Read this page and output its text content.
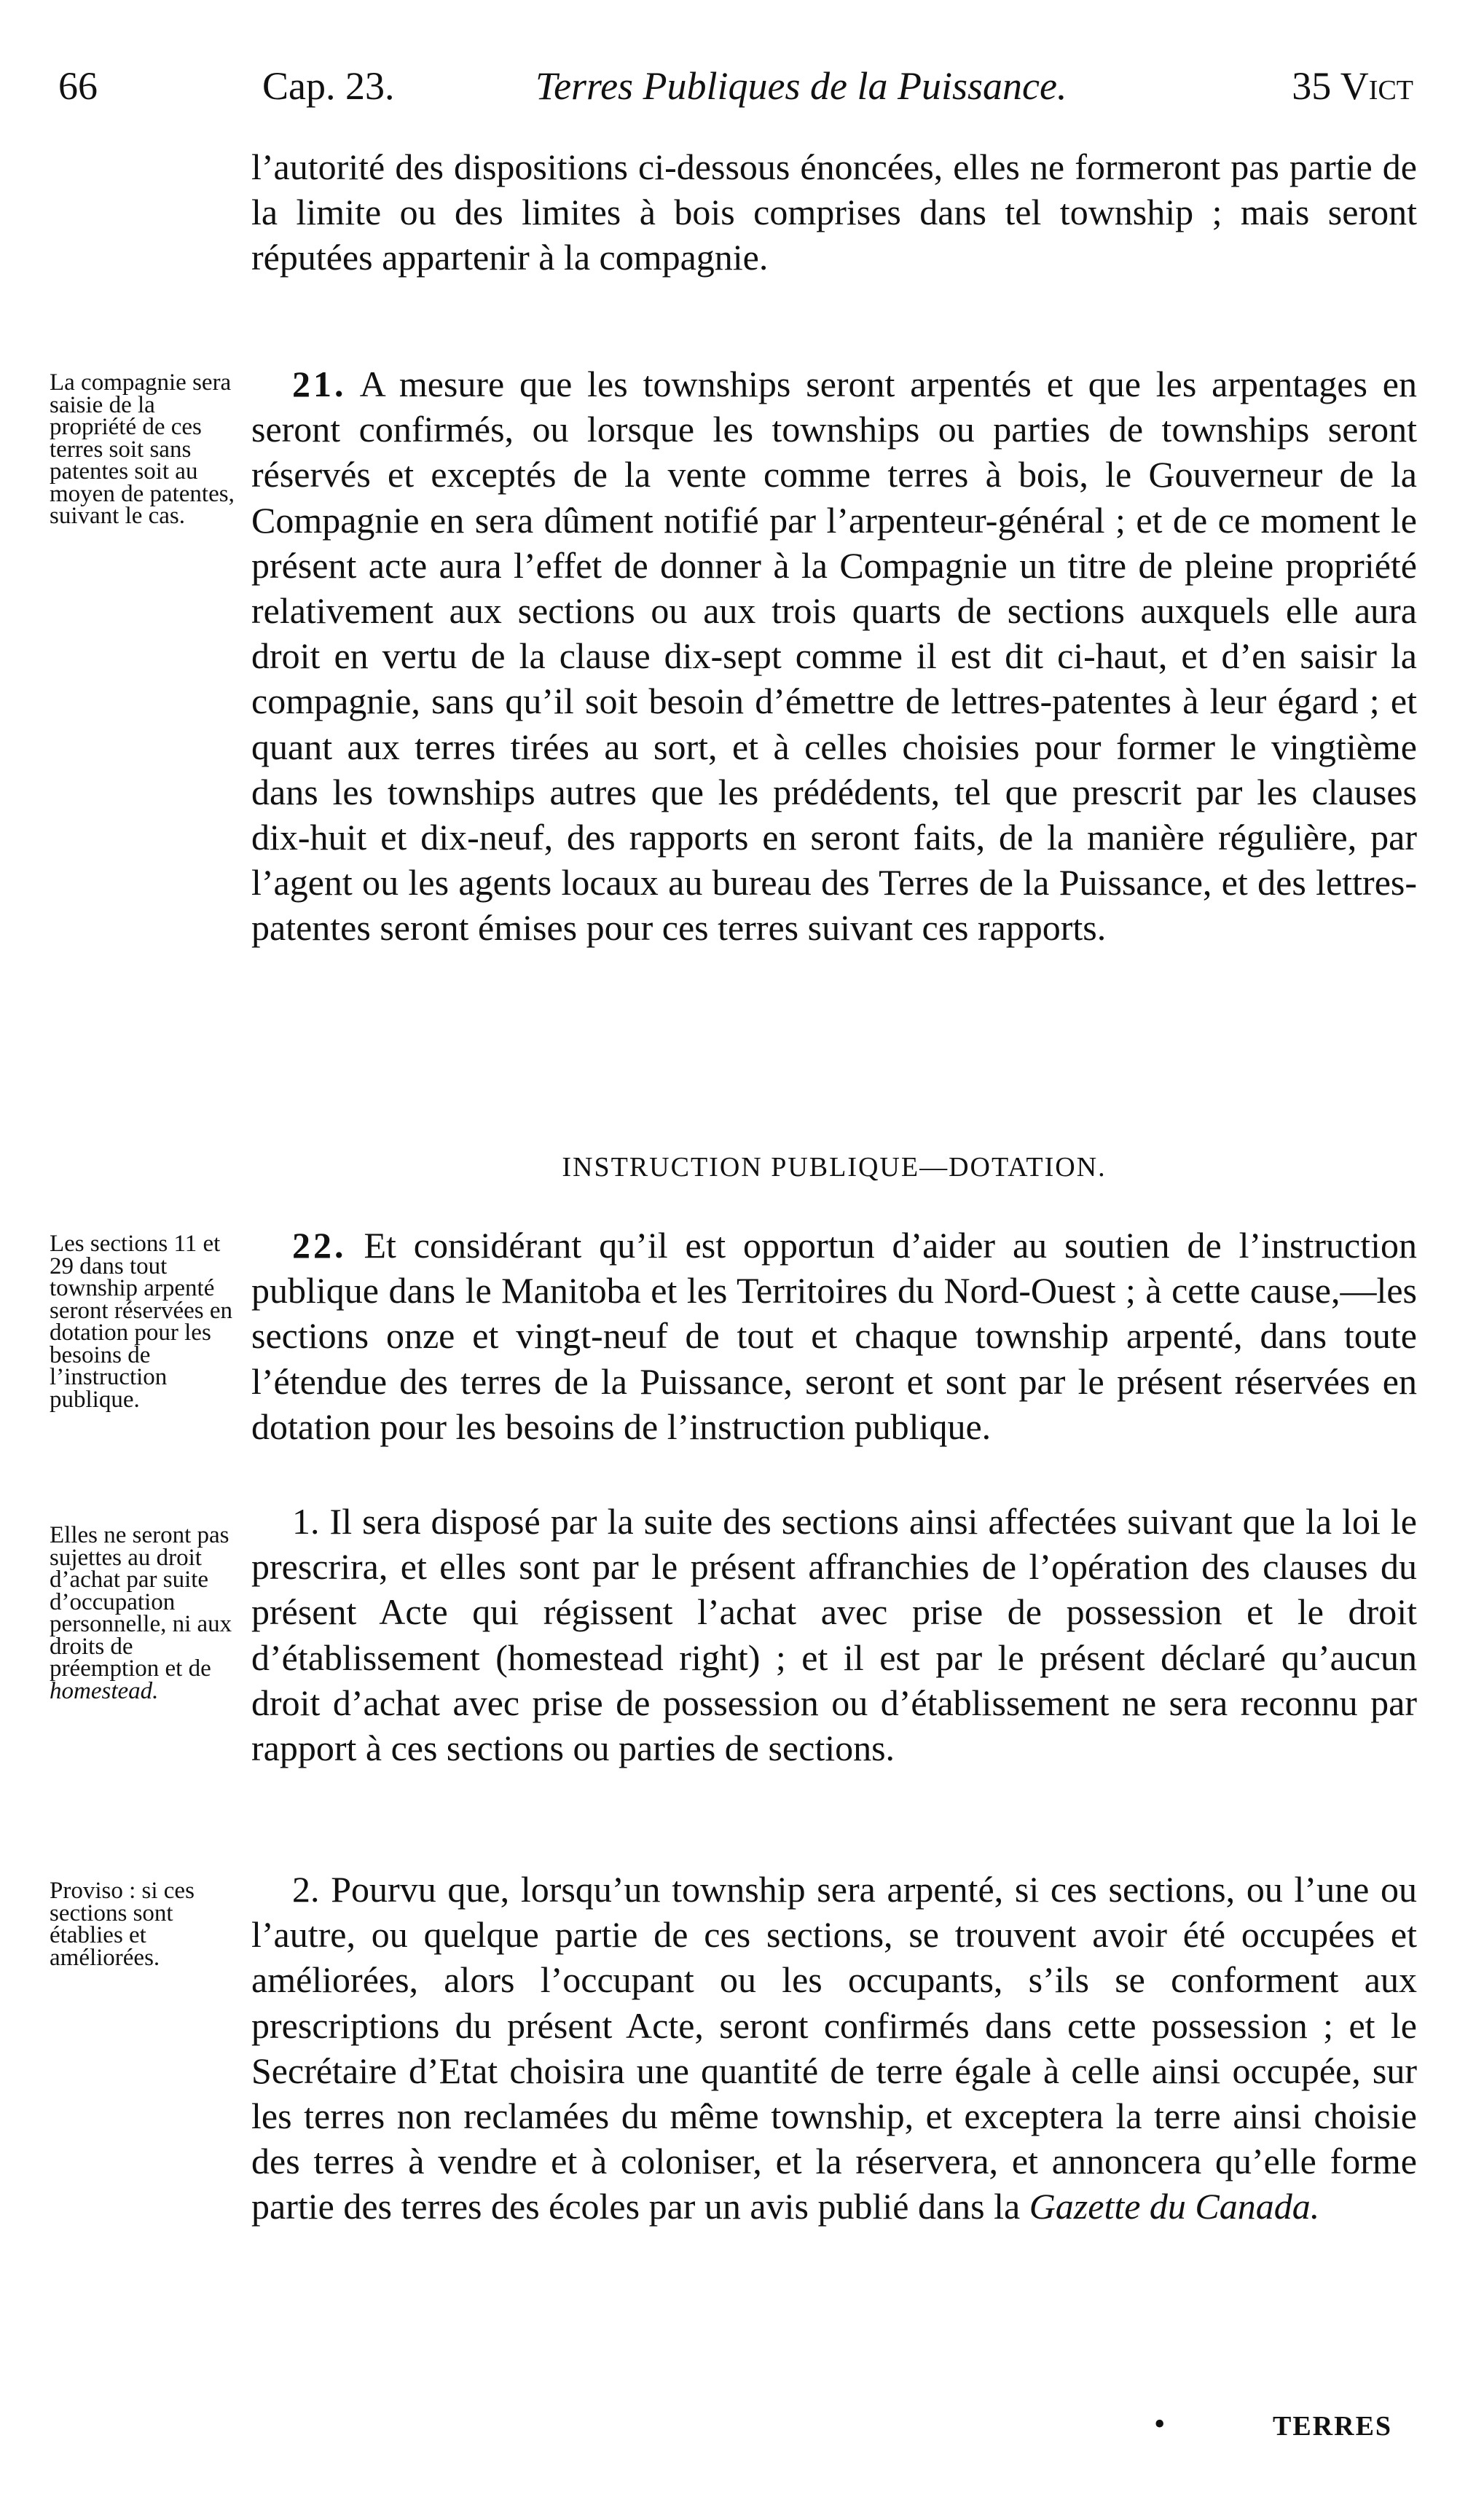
66	Cap. 23.	Terres Publiques de la Puissance.	35 Vict

l’autorité des dispositions ci-dessous énoncées, elles ne formeront pas partie de la limite ou des limites à bois comprises dans tel township ; mais seront réputées appartenir à la compagnie.

La compagnie sera saisie de la propriété de ces terres soit sans patentes soit au moyen de patentes, suivant le cas.

21. A mesure que les townships seront arpentés et que les arpentages en seront confirmés, ou lorsque les townships ou parties de townships seront réservés et exceptés de la vente comme terres à bois, le Gouverneur de la Compagnie en sera dûment notifié par l’arpenteur-général ; et de ce moment le présent acte aura l’effet de donner à la Compagnie un titre de pleine propriété relativement aux sections ou aux trois quarts de sections auxquels elle aura droit en vertu de la clause dix-sept comme il est dit ci-haut, et d’en saisir la compagnie, sans qu’il soit besoin d’émettre de lettres-patentes à leur égard ; et quant aux terres tirées au sort, et à celles choisies pour former le vingtième dans les townships autres que les prédédents, tel que prescrit par les clauses dix-huit et dix-neuf, des rapports en seront faits, de la manière régulière, par l’agent ou les agents locaux au bureau des Terres de la Puissance, et des lettres-patentes seront émises pour ces terres suivant ces rapports.

INSTRUCTION PUBLIQUE—DOTATION.
Les sections 11 et 29 dans tout township arpenté seront réservées en dotation pour les besoins de l’instruction publique.

22. Et considérant qu’il est opportun d’aider au soutien de l’instruction publique dans le Manitoba et les Territoires du Nord-Ouest ; à cette cause,—les sections onze et vingt-neuf de tout et chaque township arpenté, dans toute l’étendue des terres de la Puissance, seront et sont par le présent réservées en dotation pour les besoins de l’instruction publique.

Elles ne seront pas sujettes au droit d’achat par suite d’occupation personnelle, ni aux droits de préemption et de homestead.

1. Il sera disposé par la suite des sections ainsi affectées suivant que la loi le prescrira, et elles sont par le présent affranchies de l’opération des clauses du présent Acte qui régissent l’achat avec prise de possession et le droit d’établissement (homestead right) ; et il est par le présent déclaré qu’aucun droit d’achat avec prise de possession ou d’établissement ne sera reconnu par rapport à ces sections ou parties de sections.

Proviso : si ces sections sont établies et améliorées.

2. Pourvu que, lorsqu’un township sera arpenté, si ces sections, ou l’une ou l’autre, ou quelque partie de ces sections, se trouvent avoir été occupées et améliorées, alors l’occupant ou les occupants, s’ils se conforment aux prescriptions du présent Acte, seront confirmés dans cette possession ; et le Secrétaire d’Etat choisira une quantité de terre égale à celle ainsi occupée, sur les terres non reclamées du même township, et exceptera la terre ainsi choisie des terres à vendre et à coloniser, et la réservera, et annoncera qu’elle forme partie des terres des écoles par un avis publié dans la Gazette du Canada.

•	TERRES
